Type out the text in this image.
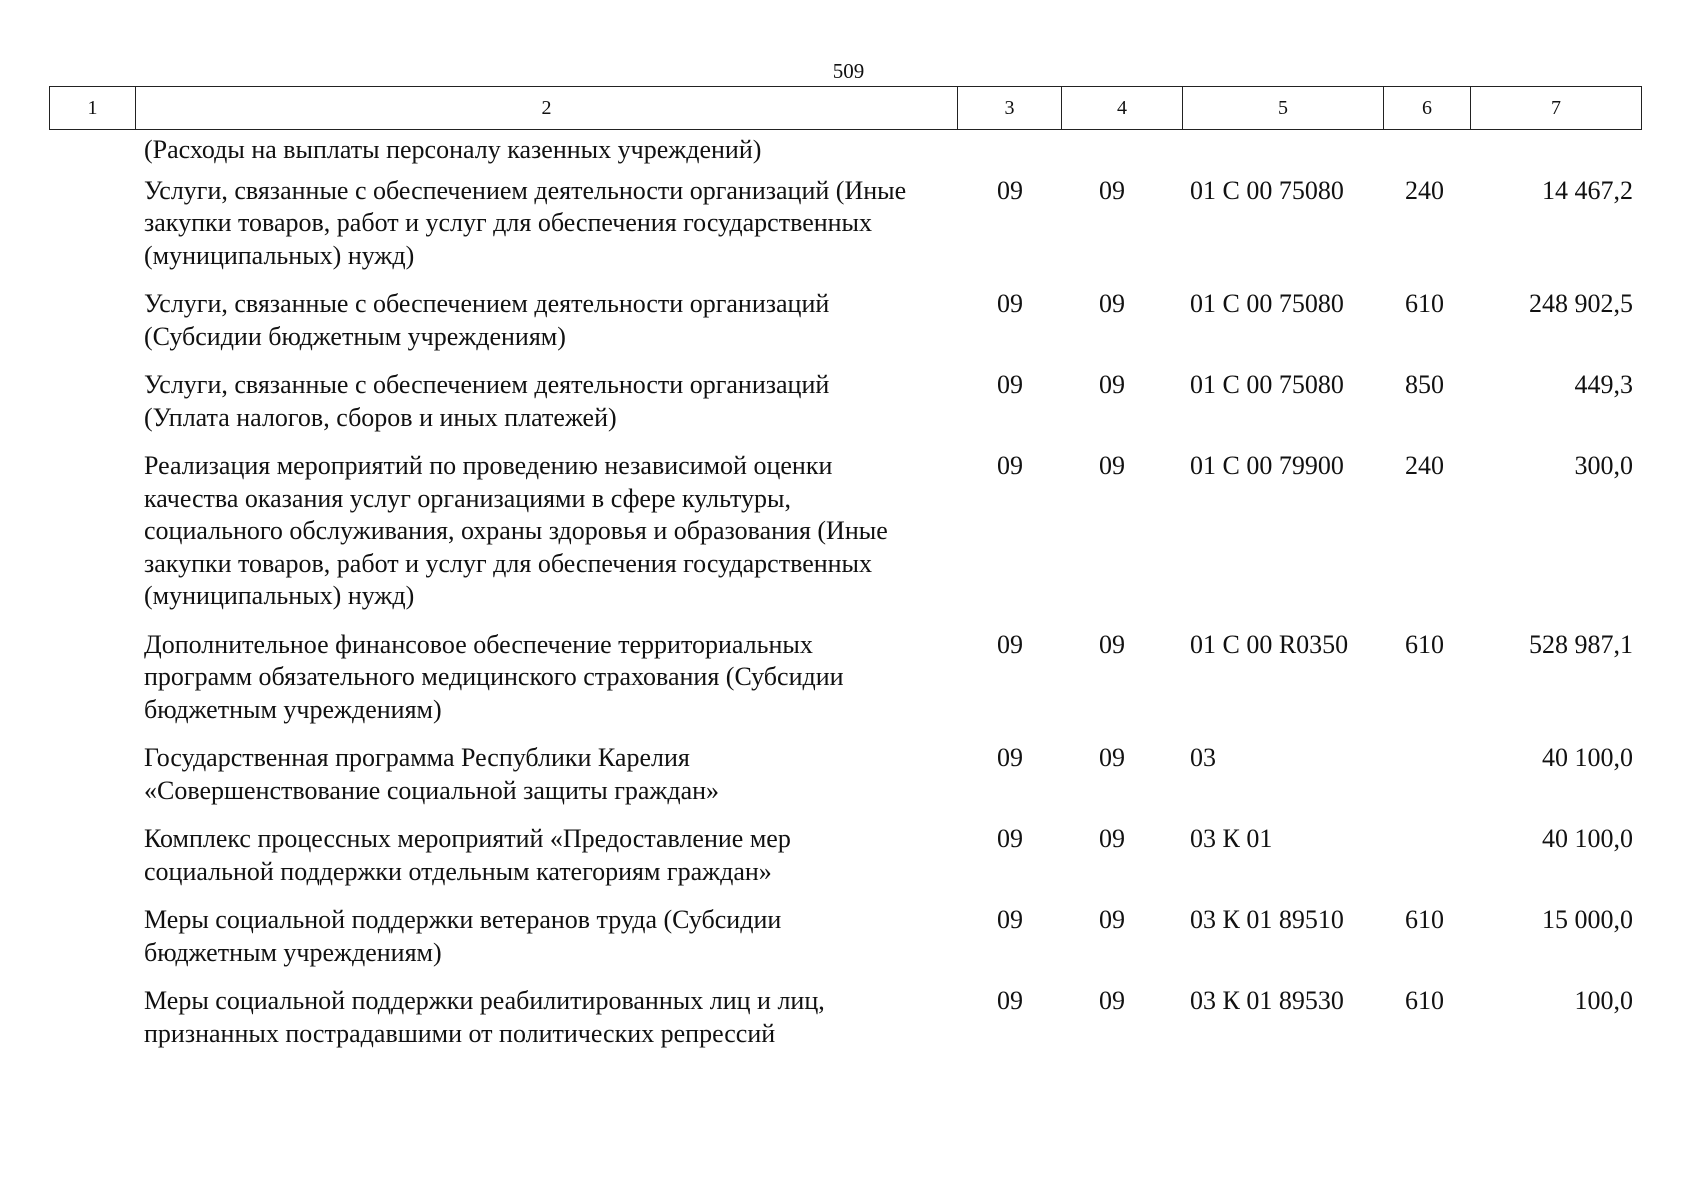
509
1	2	3	4	5	6	7
(Расходы на выплаты персоналу казенных учреждений)					
Услуги, связанные с обеспечением деятельности организаций (Иные закупки товаров, работ и услуг для обеспечения государственных (муниципальных) нужд)	09	09	01 С 00 75080	240	14 467,2
Услуги, связанные с обеспечением деятельности организаций (Субсидии бюджетным учреждениям)	09	09	01 С 00 75080	610	248 902,5
Услуги, связанные с обеспечением деятельности организаций (Уплата налогов, сборов и иных платежей)	09	09	01 С 00 75080	850	449,3
Реализация мероприятий по проведению независимой оценки качества оказания услуг организациями в сфере культуры, социального обслуживания, охраны здоровья и образования (Иные закупки товаров, работ и услуг для обеспечения государственных (муниципальных) нужд)	09	09	01 С 00 79900	240	300,0
Дополнительное финансовое обеспечение территориальных программ обязательного медицинского страхования (Субсидии бюджетным учреждениям)	09	09	01 С 00 R0350	610	528 987,1
Государственная программа Республики Карелия «Совершенствование социальной защиты граждан»	09	09	03		40 100,0
Комплекс процессных мероприятий «Предоставление мер социальной поддержки отдельным категориям граждан»	09	09	03 К 01		40 100,0
Меры социальной поддержки ветеранов труда (Субсидии бюджетным учреждениям)	09	09	03 К 01 89510	610	15 000,0
Меры социальной поддержки реабилитированных лиц и лиц, признанных пострадавшими от политических репрессий	09	09	03 К 01 89530	610	100,0
